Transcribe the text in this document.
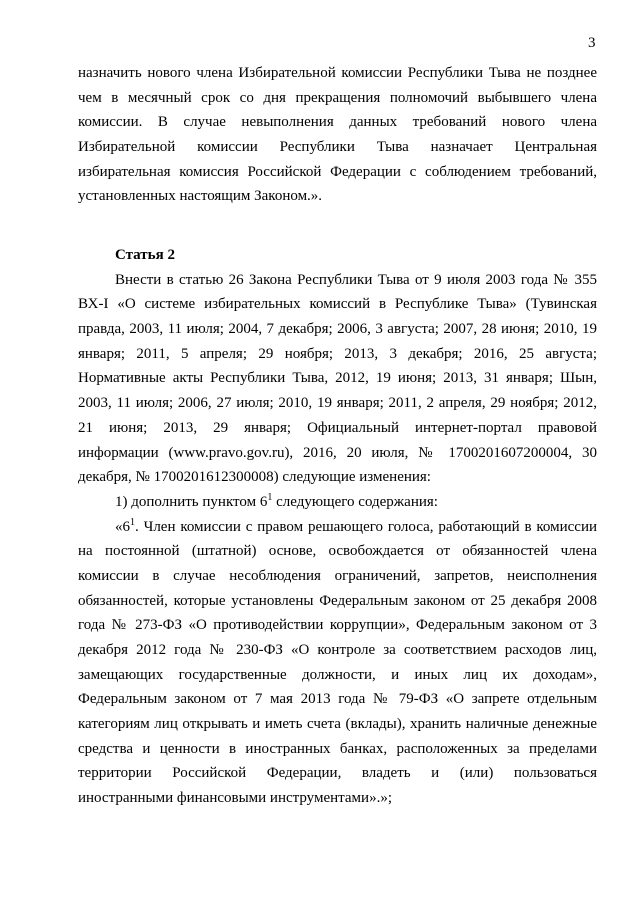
3
назначить нового члена Избирательной комиссии Республики Тыва не позднее
чем в месячный срок со дня прекращения полномочий выбывшего члена
комиссии. В случае невыполнения данных требований нового члена
Избирательной комиссии Республики Тыва назначает Центральная
избирательная комиссия Российской Федерации с соблюдением требований,
установленных настоящим Законом.».
Статья 2
Внести в статью 26 Закона Республики Тыва от 9 июля 2003 года № 355
ВХ-I «О системе избирательных комиссий в Республике Тыва» (Тувинская
правда, 2003, 11 июля; 2004, 7 декабря; 2006, 3 августа; 2007, 28 июня; 2010, 19
января; 2011, 5 апреля; 29 ноября; 2013, 3 декабря; 2016, 25 августа;
Нормативные акты Республики Тыва, 2012, 19 июня; 2013, 31 января; Шын,
2003, 11 июля; 2006, 27 июля; 2010, 19 января; 2011, 2 апреля, 29 ноября; 2012,
21 июня; 2013, 29 января; Официальный интернет-портал правовой
информации (www.pravo.gov.ru), 2016, 20 июля, № 1700201607200004, 30
декабря, № 1700201612300008) следующие изменения:
1) дополнить пунктом $6^1$ следующего содержания:
«$6^1$. Член комиссии с правом решающего голоса, работающий в комиссии
на постоянной (штатной) основе, освобождается от обязанностей члена
комиссии в случае несоблюдения ограничений, запретов, неисполнения
обязанностей, которые установлены Федеральным законом от 25 декабря 2008
года № 273-ФЗ «О противодействии коррупции», Федеральным законом от 3
декабря 2012 года № 230-ФЗ «О контроле за соответствием расходов лиц,
замещающих государственные должности, и иных лиц их доходам»,
Федеральным законом от 7 мая 2013 года № 79-ФЗ «О запрете отдельным
категориям лиц открывать и иметь счета (вклады), хранить наличные денежные
средства и ценности в иностранных банках, расположенных за пределами
территории Российской Федерации, владеть и (или) пользоваться
иностранными финансовыми инструментами».»;
